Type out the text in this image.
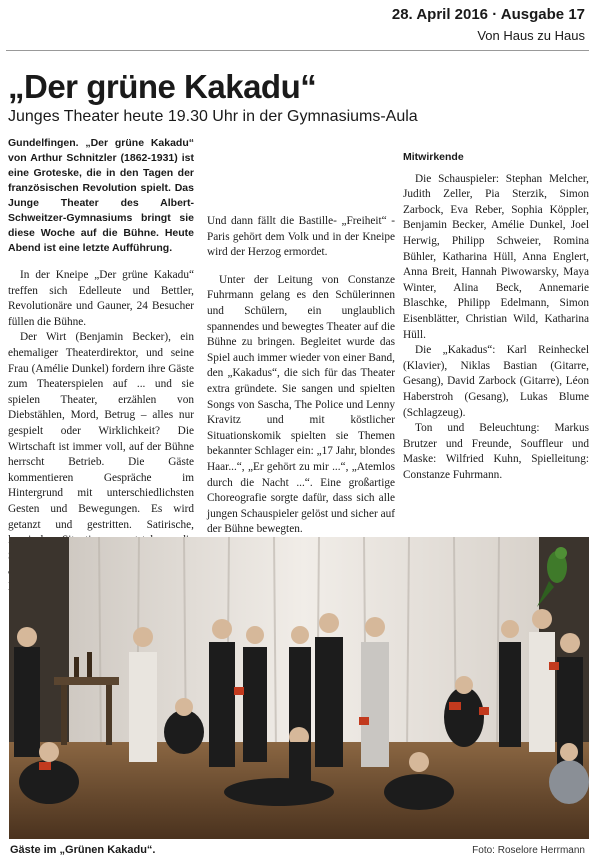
28. April 2016 · Ausgabe 17
Von Haus zu Haus
„Der grüne Kakadu“
Junges Theater heute 19.30 Uhr in der Gymnasiums-Aula

Gundelfingen. „Der grüne Kakadu“ von Arthur Schnitzler (1862-1931) ist eine Groteske, die in den Tagen der französischen Revolution spielt. Das Junge Theater des Albert-Schweitzer-Gymnasiums bringt sie diese Woche auf die Bühne. Heute Abend ist eine letzte Aufführung.

In der Kneipe „Der grüne Kakadu“ treffen sich Edelleute und Bettler, Revolutionäre und Gauner, 24 Besucher füllen die Bühne.

Der Wirt (Benjamin Becker), ein ehemaliger Theaterdirektor, und seine Frau (Amélie Dunkel) fordern ihre Gäste zum Theaterspielen auf ... und sie spielen Theater, erzählen von Diebstählen, Mord, Betrug – alles nur gespielt oder Wirklichkeit? Die Wirtschaft ist immer voll, auf der Bühne herrscht Betrieb. Die Gäste kommentieren Gespräche im Hintergrund mit unterschiedlichsten Gesten und Bewegungen. Es wird getanzt und gestritten. Satirische,

Und dann fällt die Bastille- „Freiheit“ - Paris gehört dem Volk und in der Kneipe wird der Herzog ermordet.

Unter der Leitung von Constanze Fuhrmann gelang es den Schülerinnen und Schülern, ein unglaublich spannendes und bewegtes Theater auf die Bühne zu bringen. Begleitet wurde das Spiel auch immer wieder von einer Band, den „Kakadus“, die sich für das Theater extra gründete. Sie sangen und spielten Songs von Sascha, The Police und Lenny Kravitz und mit köstlicher Situationskomik spielten sie Themen bekannter Schlager ein: „17 Jahr, blondes Haar...“, „Er gehört zu mir ...“, „Atemlos durch die Nacht ...“. Eine großartige Choreografie sorgte dafür, dass sich alle jungen Schauspieler gelöst und sicher auf der Bühne bewegten.

Mitwirkende

Die Schauspieler: Stephan Melcher, Judith Zeller, Pia Sterzik, Simon Zarbock, Eva Reber, Sophia Köppler, Benjamin Becker, Amélie Dunkel, Joel Herwig, Philipp Schweier, Romina Bühler, Katharina Hüll, Anna Englert, Anna Breit, Hannah Piwowarsky, Maya Winter, Alina Beck, Annemarie Blaschke, Philipp Edelmann, Simon Eisenblätter, Christian Wild, Katharina Hüll.

Die „Kakadus“: Karl Reinheckel (Klavier), Niklas Bastian (Gitarre, Gesang), David Zarbock (Gitarre), Léon Haberstroh (Gesang), Lukas Blume (Schlagzeug).

Ton und Beleuchtung: Markus Brutzer und Freunde, Souffleur und Maske: Wilfried Kuhn, Spielleitung: Constanze Fuhrmann.

Gäste im „Grünen Kakadu“.	Foto: Roselore Herrmann
